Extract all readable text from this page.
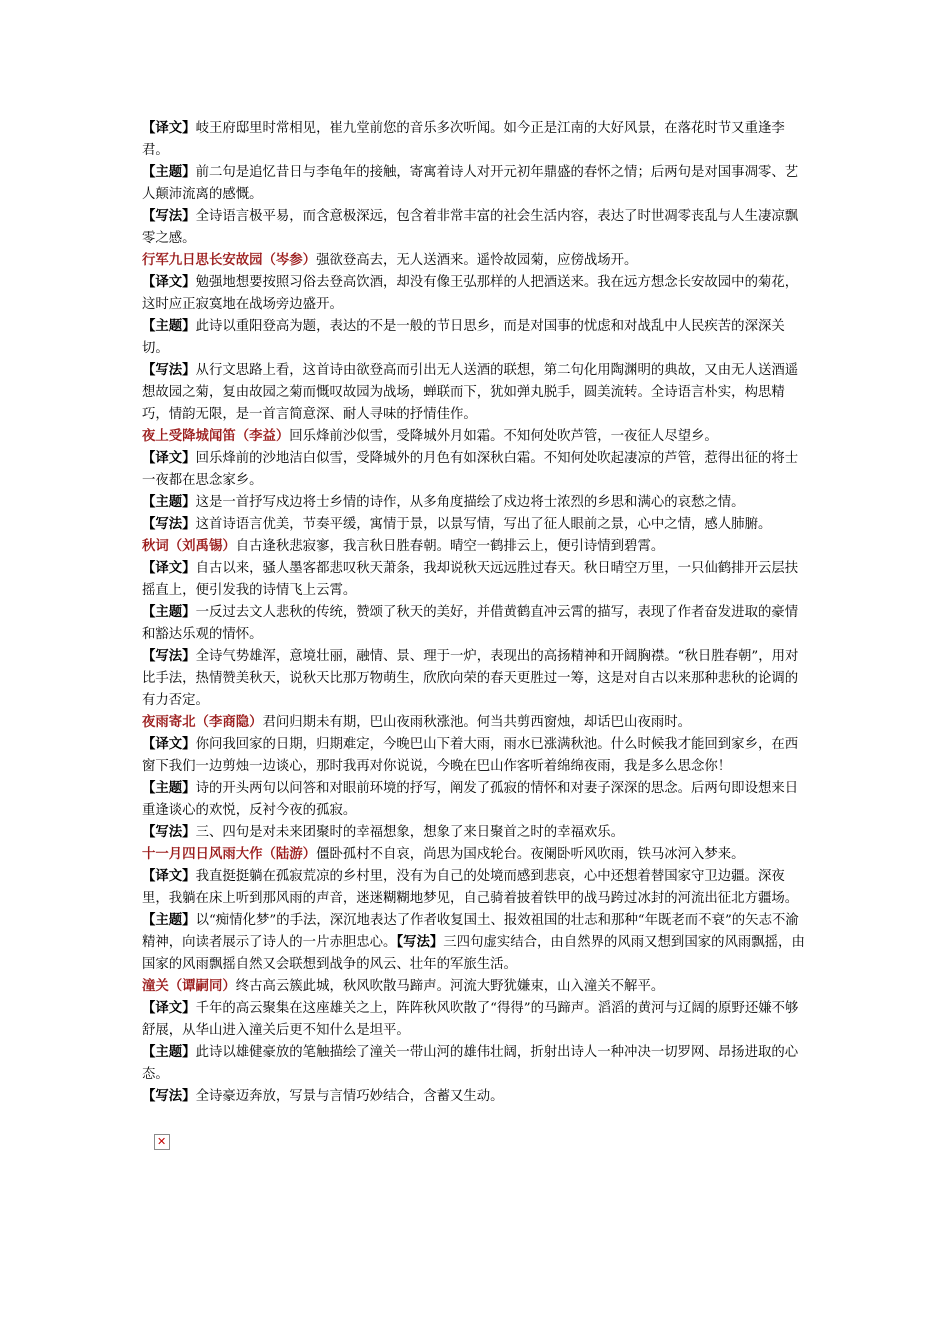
【译文】岐王府邸里时常相见，崔九堂前您的音乐多次听闻。如今正是江南的大好风景，在落花时节又重逢李君。

【主题】前二句是追忆昔日与李龟年的接触，寄寓着诗人对开元初年鼎盛的春怀之情；后两句是对国事凋零、艺人颠沛流离的感慨。

【写法】全诗语言极平易，而含意极深远，包含着非常丰富的社会生活内容，表达了时世凋零丧乱与人生凄凉飘零之感。

行军九日思长安故园（岑参）强欲登高去，无人送酒来。遥怜故园菊，应傍战场开。

【译文】勉强地想要按照习俗去登高饮酒，却没有像王弘那样的人把酒送来。我在远方想念长安故园中的菊花，这时应正寂寞地在战场旁边盛开。

【主题】此诗以重阳登高为题，表达的不是一般的节日思乡，而是对国事的忧虑和对战乱中人民疾苦的深深关切。

【写法】从行文思路上看，这首诗由欲登高而引出无人送酒的联想，第二句化用陶渊明的典故，又由无人送酒遥想故园之菊，复由故园之菊而慨叹故园为战场，蝉联而下，犹如弹丸脱手，圆美流转。全诗语言朴实，构思精巧，情韵无限，是一首言简意深、耐人寻味的抒情佳作。

夜上受降城闻笛（李益）回乐烽前沙似雪，受降城外月如霜。不知何处吹芦管，一夜征人尽望乡。

【译文】回乐烽前的沙地洁白似雪，受降城外的月色有如深秋白霜。不知何处吹起凄凉的芦管，惹得出征的将士一夜都在思念家乡。

【主题】这是一首抒写戍边将士乡情的诗作，从多角度描绘了戍边将士浓烈的乡思和满心的哀愁之情。

【写法】这首诗语言优美，节奏平缓，寓情于景，以景写情，写出了征人眼前之景，心中之情，感人肺腑。

秋词（刘禹锡）自古逢秋悲寂寥，我言秋日胜春朝。晴空一鹤排云上，便引诗情到碧霄。

【译文】自古以来，骚人墨客都悲叹秋天萧条，我却说秋天远远胜过春天。秋日晴空万里，一只仙鹤排开云层扶摇直上，便引发我的诗情飞上云霄。

【主题】一反过去文人悲秋的传统，赞颂了秋天的美好，并借黄鹤直冲云霄的描写，表现了作者奋发进取的豪情和豁达乐观的情怀。

【写法】全诗气势雄浑，意境壮丽，融情、景、理于一炉，表现出的高扬精神和开阔胸襟。“秋日胜春朝”，用对比手法，热情赞美秋天，说秋天比那万物萌生，欣欣向荣的春天更胜过一筹，这是对自古以来那种悲秋的论调的有力否定。

夜雨寄北（李商隐）君问归期未有期，巴山夜雨秋涨池。何当共剪西窗烛，却话巴山夜雨时。

【译文】你问我回家的日期，归期难定，今晚巴山下着大雨，雨水已涨满秋池。什么时候我才能回到家乡，在西窗下我们一边剪烛一边谈心，那时我再对你说说，今晚在巴山作客听着绵绵夜雨，我是多么思念你！

【主题】诗的开头两句以问答和对眼前环境的抒写，阐发了孤寂的情怀和对妻子深深的思念。后两句即设想来日重逢谈心的欢悦，反衬今夜的孤寂。

【写法】三、四句是对未来团聚时的幸福想象，想象了来日聚首之时的幸福欢乐。

十一月四日风雨大作（陆游）僵卧孤村不自哀，尚思为国戍轮台。夜阑卧听风吹雨，铁马冰河入梦来。

【译文】我直挺挺躺在孤寂荒凉的乡村里，没有为自己的处境而感到悲哀，心中还想着替国家守卫边疆。深夜里，我躺在床上听到那风雨的声音，迷迷糊糊地梦见，自己骑着披着铁甲的战马跨过冰封的河流出征北方疆场。

【主题】以“痴情化梦”的手法，深沉地表达了作者收复国土、报效祖国的壮志和那种“年既老而不衰”的矢志不渝精神，向读者展示了诗人的一片赤胆忠心。【写法】三四句虚实结合，由自然界的风雨又想到国家的风雨飘摇，由国家的风雨飘摇自然又会联想到战争的风云、壮年的军旅生活。

潼关（谭嗣同）终古高云簇此城，秋风吹散马蹄声。河流大野犹嫌束，山入潼关不解平。

【译文】千年的高云聚集在这座雄关之上，阵阵秋风吹散了“得得”的马蹄声。滔滔的黄河与辽阔的原野还嫌不够舒展，从华山进入潼关后更不知什么是坦平。

【主题】此诗以雄健豪放的笔触描绘了潼关一带山河的雄伟壮阔，折射出诗人一种冲决一切罗网、昂扬进取的心态。

【写法】全诗豪迈奔放，写景与言情巧妙结合，含蓄又生动。

✕
